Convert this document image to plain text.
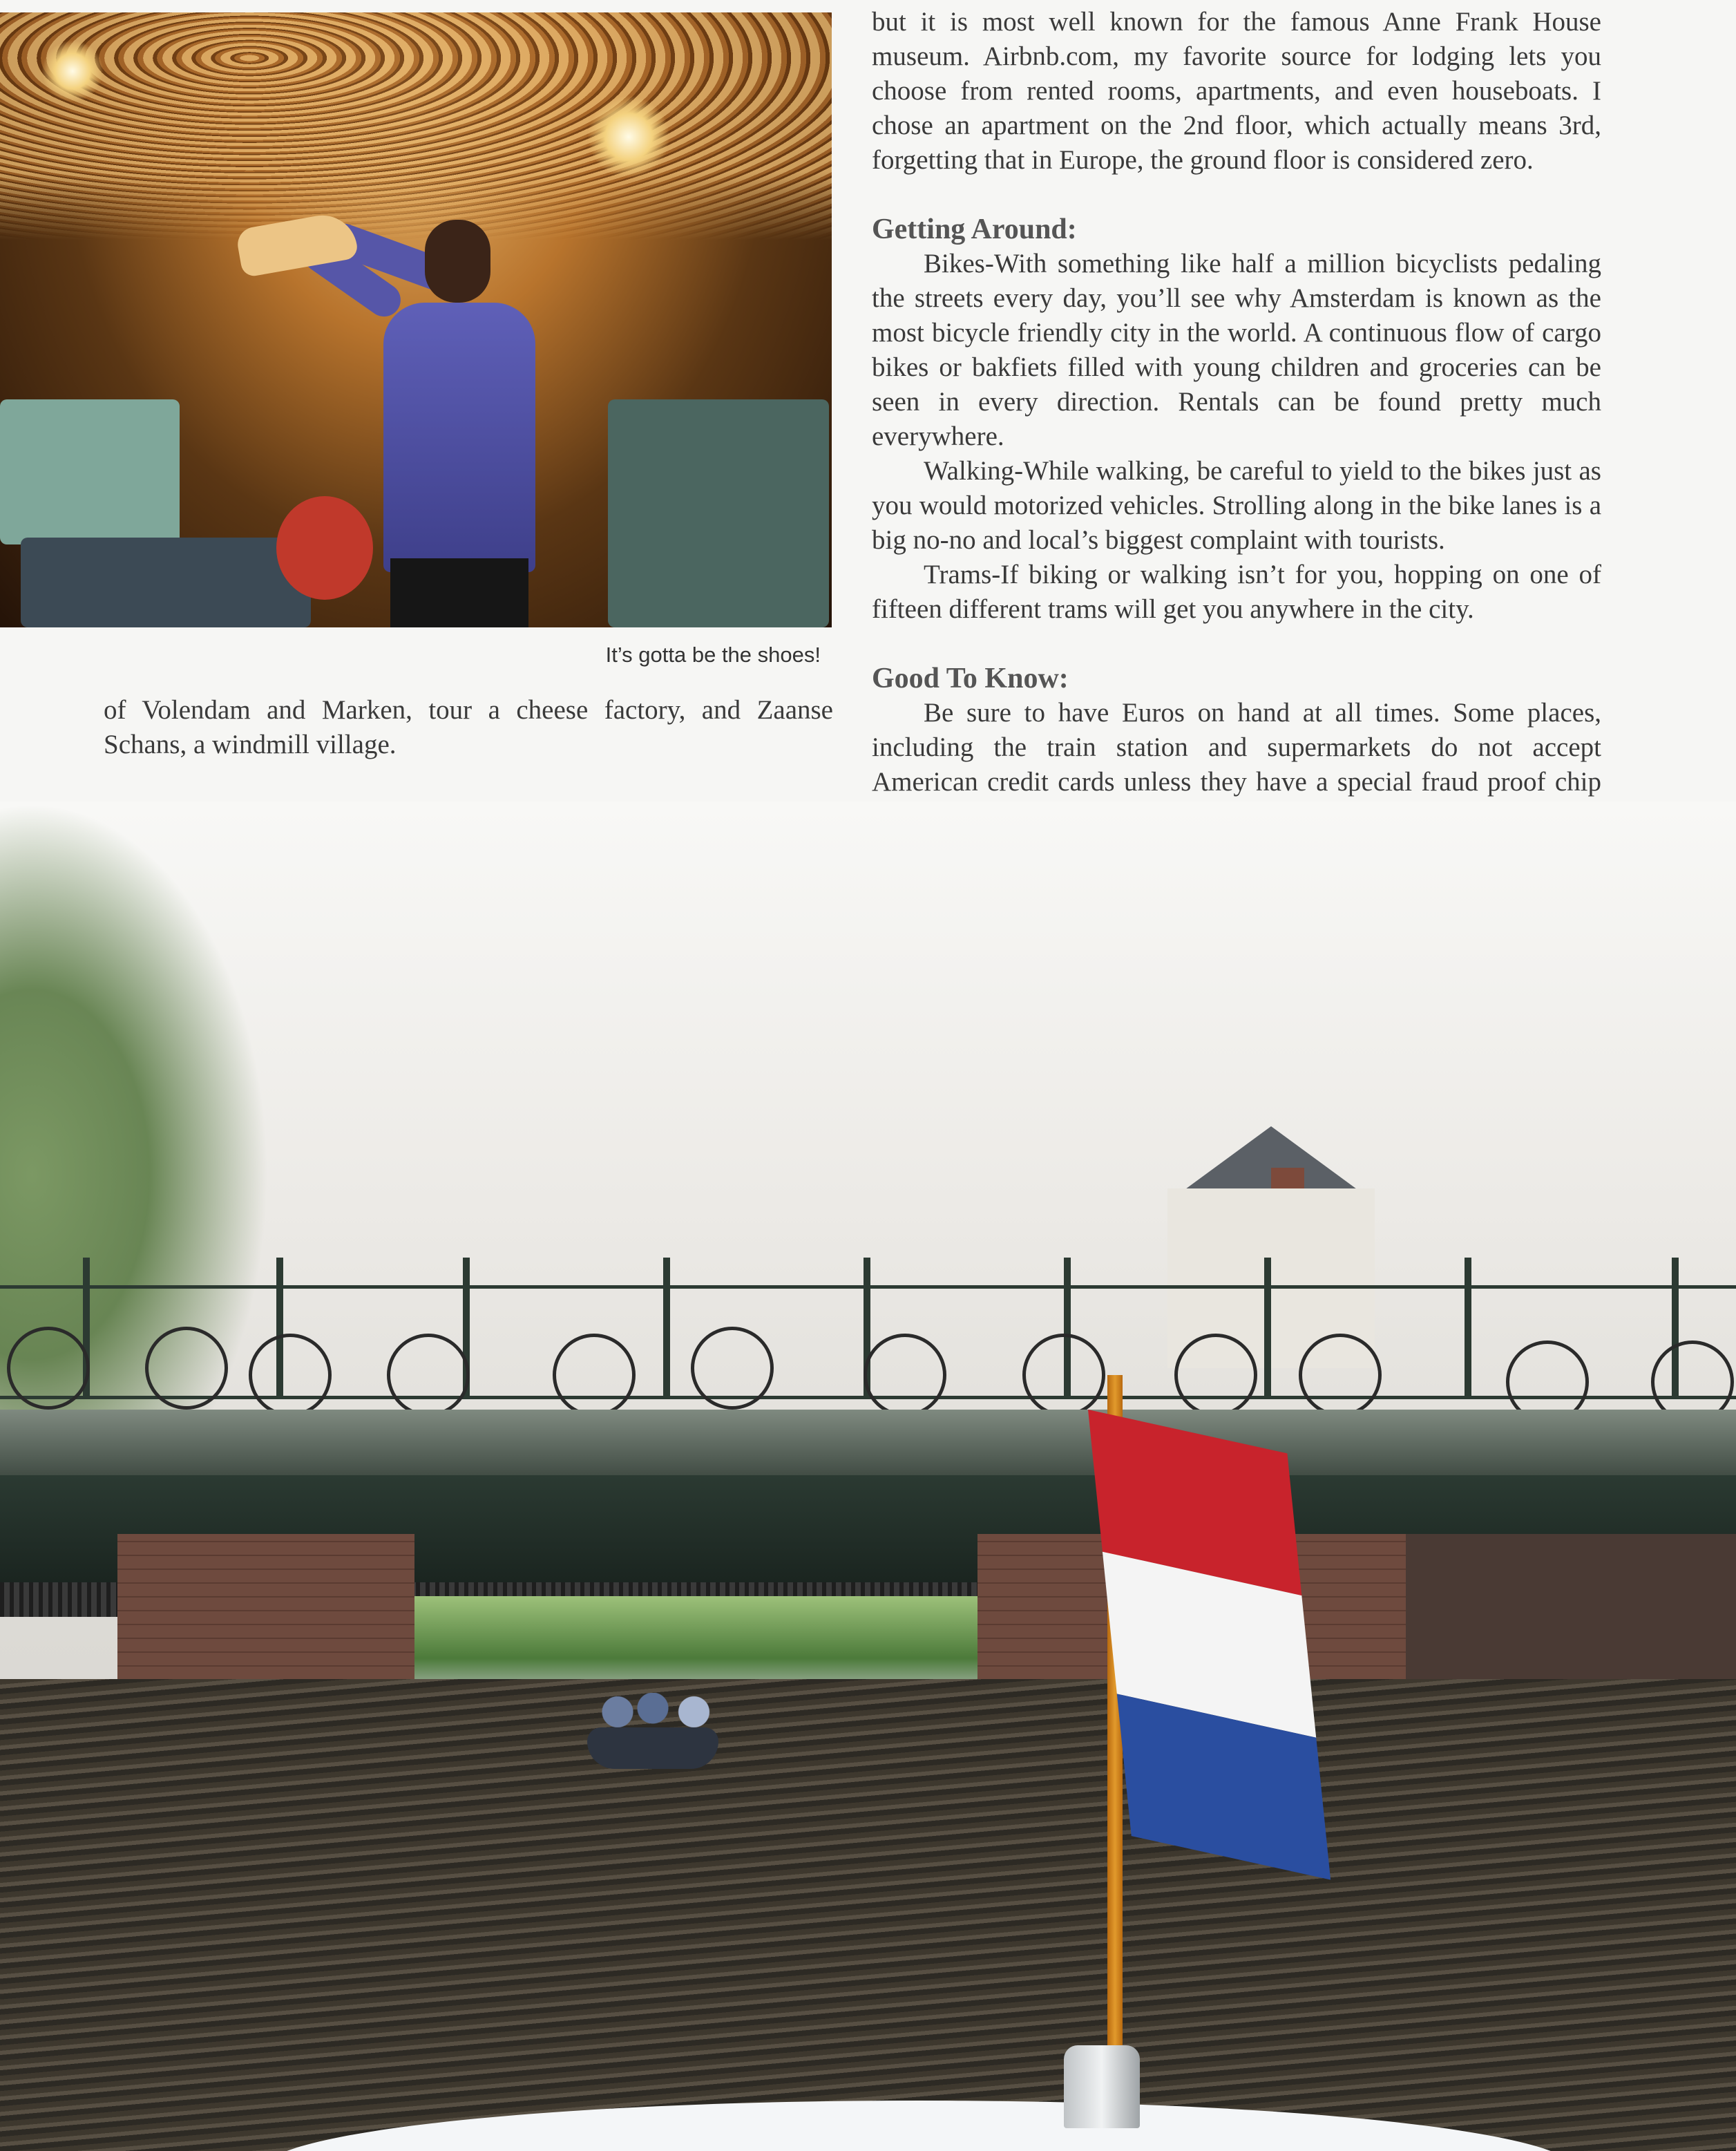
It’s gotta be the shoes!

of Volendam and Marken, tour a cheese factory, and Zaanse Schans, a windmill village.

but it is most well known for the famous Anne Frank House museum. Airbnb.com, my favorite source for lodging lets you choose from rented rooms, apartments, and even houseboats. I chose an apartment on the 2nd floor, which actually means 3rd, forgetting that in Europe, the ground floor is considered zero.

Getting Around:

Bikes-With something like half a million bicyclists pedaling the streets every day, you’ll see why Amsterdam is known as the most bicycle friendly city in the world. A continuous flow of cargo bikes or bakfiets filled with young children and groceries can be seen in every direction. Rentals can be found pretty much everywhere.

Walking-While walking, be careful to yield to the bikes just as you would motorized vehicles. Strolling along in the bike lanes is a big no-no and local’s biggest complaint with tourists.

Trams-If biking or walking isn’t for you, hopping on one of fifteen different trams will get you anywhere in the city.

Good To Know:

Be sure to have Euros on hand at all times. Some places, including the train station and supermarkets do not accept American credit cards unless they have a special fraud proof chip
